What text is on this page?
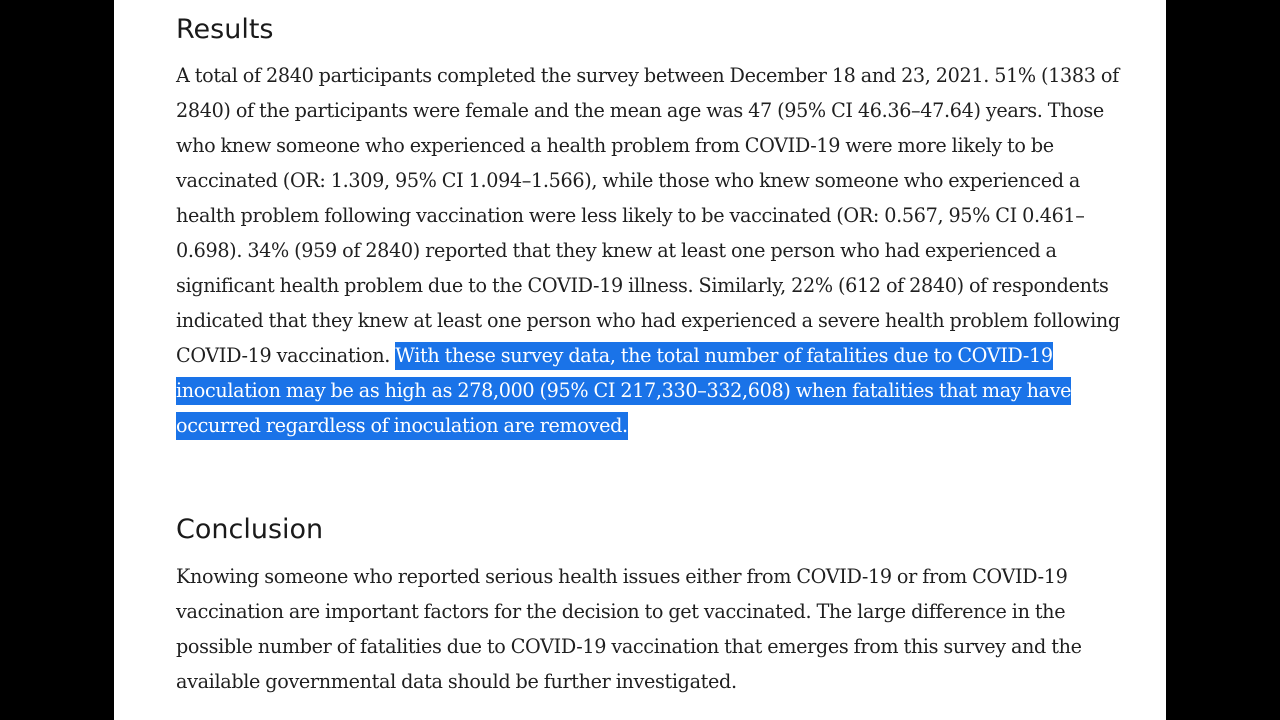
Results

A total of 2840 participants completed the survey between December 18 and 23, 2021. 51% (1383 of 2840) of the participants were female and the mean age was 47 (95% CI 46.36–47.64) years. Those who knew someone who experienced a health problem from COVID-19 were more likely to be vaccinated (OR: 1.309, 95% CI 1.094–1.566), while those who knew someone who experienced a health problem following vaccination were less likely to be vaccinated (OR: 0.567, 95% CI 0.461–0.698). 34% (959 of 2840) reported that they knew at least one person who had experienced a significant health problem due to the COVID-19 illness. Similarly, 22% (612 of 2840) of respondents indicated that they knew at least one person who had experienced a severe health problem following COVID-19 vaccination. With these survey data, the total number of fatalities due to COVID-19 inoculation may be as high as 278,000 (95% CI 217,330–332,608) when fatalities that may have occurred regardless of inoculation are removed.

Conclusion

Knowing someone who reported serious health issues either from COVID-19 or from COVID-19 vaccination are important factors for the decision to get vaccinated. The large difference in the possible number of fatalities due to COVID-19 vaccination that emerges from this survey and the available governmental data should be further investigated.
